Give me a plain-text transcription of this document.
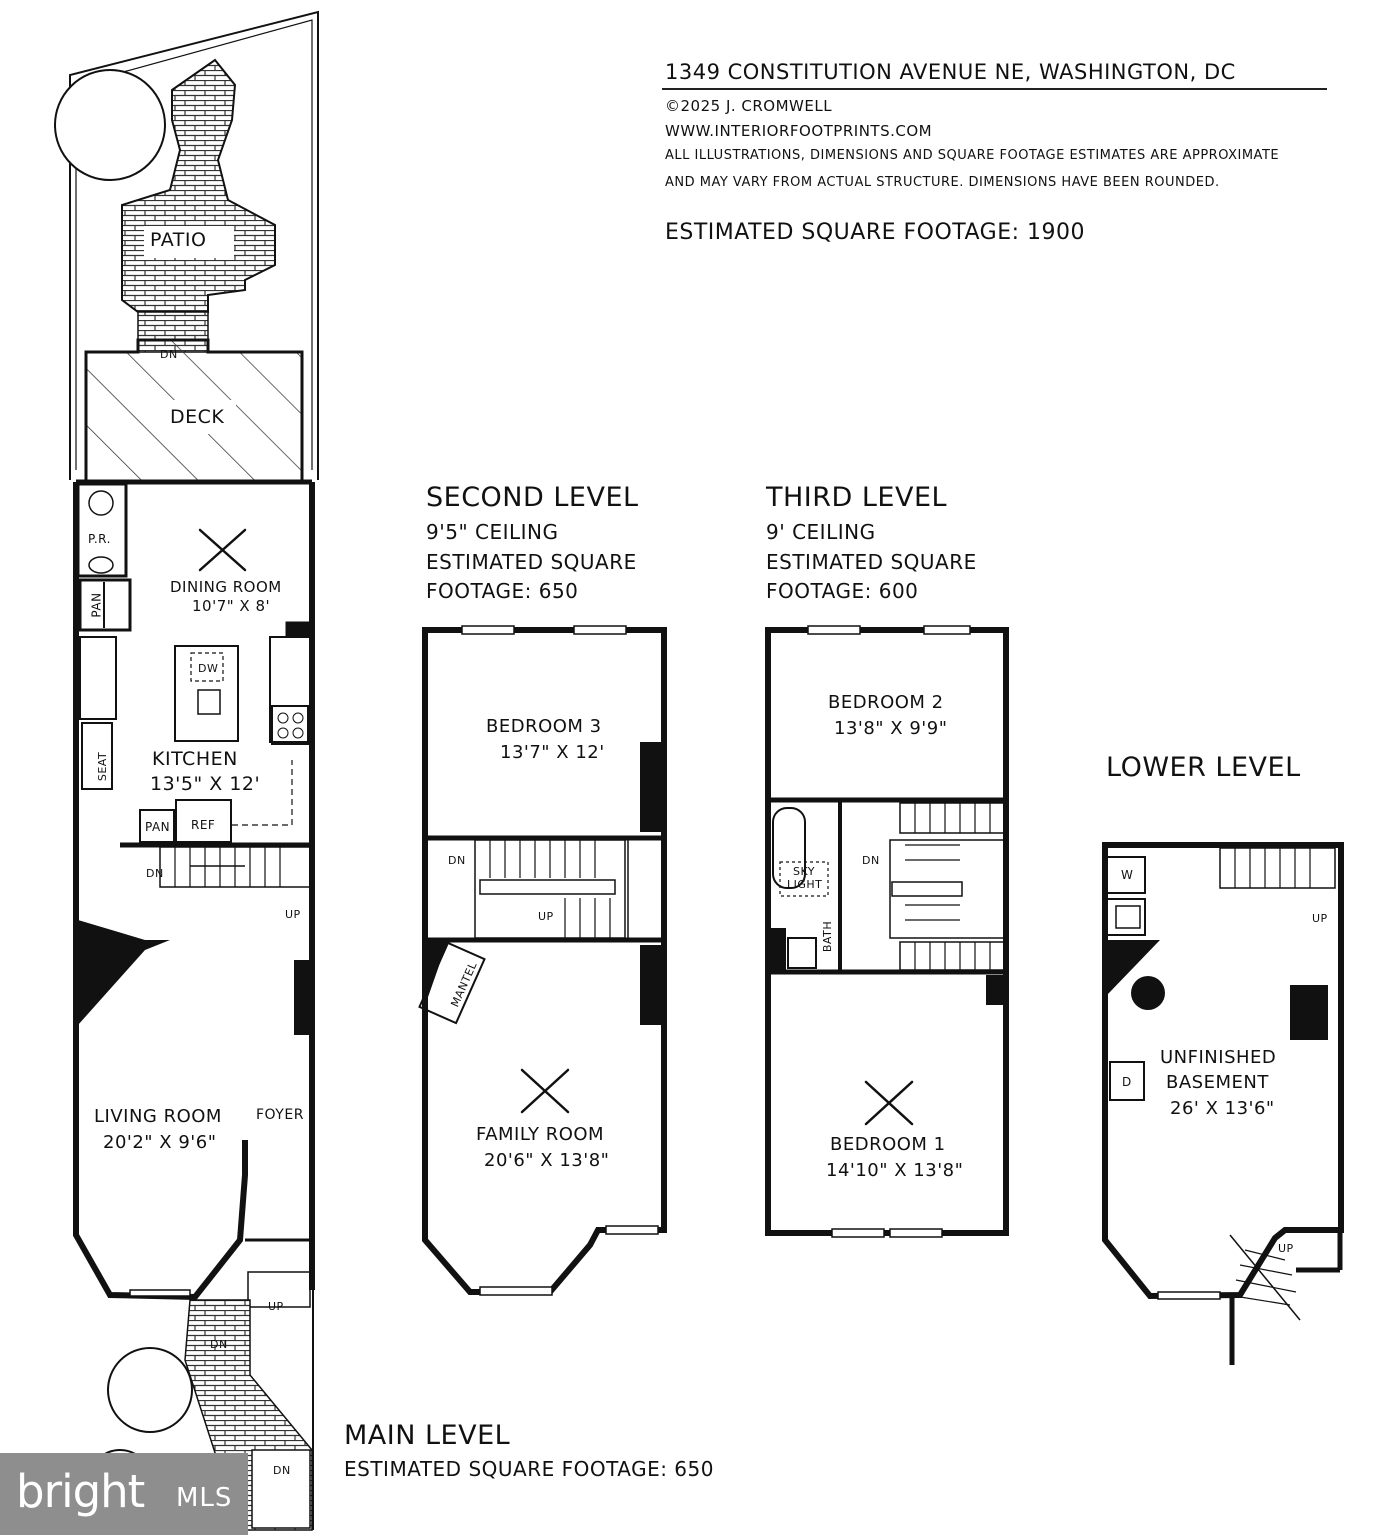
1349 CONSTITUTION AVENUE NE, WASHINGTON, DC
©2025 J. CROMWELL
WWW.INTERIORFOOTPRINTS.COM
ALL ILLUSTRATIONS, DIMENSIONS AND SQUARE FOOTAGE ESTIMATES ARE APPROXIMATE
AND MAY VARY FROM ACTUAL STRUCTURE. DIMENSIONS HAVE BEEN ROUNDED.
ESTIMATED SQUARE FOOTAGE: 1900
SECOND LEVEL
9'5" CEILING
ESTIMATED SQUARE
FOOTAGE: 650
THIRD LEVEL
9' CEILING
ESTIMATED SQUARE
FOOTAGE: 600
LOWER LEVEL
MAIN LEVEL
ESTIMATED SQUARE FOOTAGE: 650
PATIO
DECK
P.R.
PAN
DINING ROOM
10'7" X 8'
DW
SEAT KITCHEN
13'5" X 12'
PAN REF
DN
UP
LIVING ROOM
20'2" X 9'6"
FOYER
UP
DN
DN
DN
BEDROOM 3
13'7" X 12'
DN
UP
MANTEL
FAMILY ROOM
20'6" X 13'8"
BEDROOM 2
13'8" X 9'9"
SKY
LIGHT
BATH
DN
BEDROOM 1
14'10" X 13'8"
W
D
UP
UNFINISHED
BASEMENT
26' X 13'6"
UP
bright MLS
